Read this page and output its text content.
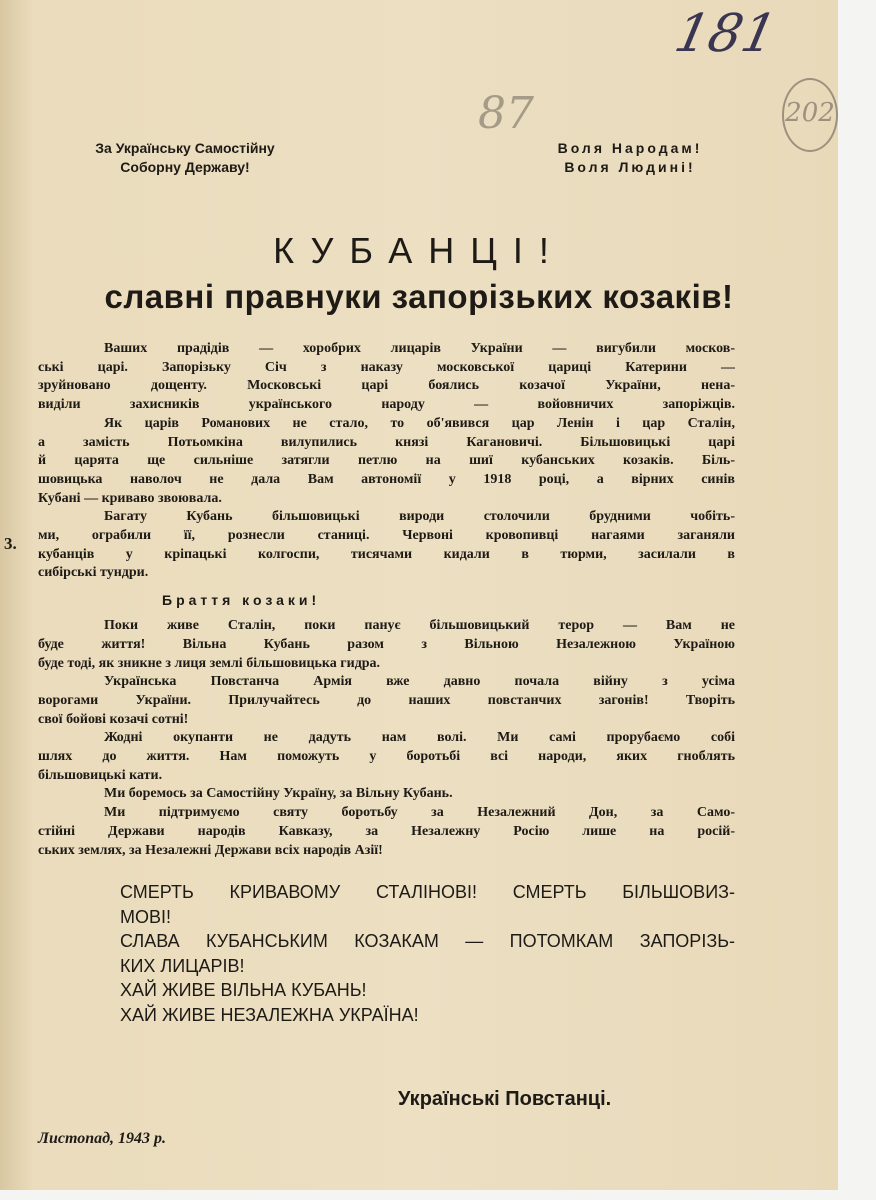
181
87	202
3.
За Українську Самостійну
Соборну Державу!
Воля Народам!
Воля Людині!
КУБАНЦІ!
славні правнуки запорізьких козаків!
Ваших прадідів — хоробрих лицарів України — вигубили москов-
ські царі. Запорізьку Січ з наказу московської цариці Катерини —
зруйновано дощенту. Московські царі боялись козачої України, нена-
виділи захисників українського народу — войовничих запоріжців.
Як царів Романових не стало, то об'явився цар Ленін і цар Сталін,
а замість Потьомкіна вилупились князі Кагановичі. Більшовицькі царі
й царята ще сильніше затягли петлю на шиї кубанських козаків. Біль-
шовицька наволоч не дала Вам автономії у 1918 році, а вірних синів
Кубані — криваво звоювала.
Багату Кубань більшовицькі вироди столочили брудними чобіть-
ми, ограбили її, рознесли станиці. Червоні кровопивці нагаями заганяли
кубанців у кріпацькі колгоспи, тисячами кидали в тюрми, засилали в
сибірські тундри.
Браття козаки!
Поки живе Сталін, поки панує більшовицький терор — Вам не
буде життя! Вільна Кубань разом з Вільною Незалежною Україною
буде тоді, як зникне з лиця землі більшовицька гидра.
Українська Повстанча Армія вже давно почала війну з усіма
ворогами України. Прилучайтесь до наших повстанчих загонів! Творіть
свої бойові козачі сотні!
Жодні окупанти не дадуть нам волі. Ми самі прорубаємо собі
шлях до життя. Нам поможуть у боротьбі всі народи, яких гноблять
більшовицькі кати.
Ми боремось за Самостійну Україну, за Вільну Кубань.
Ми підтримуємо святу боротьбу за Незалежний Дон, за Само-
стійні Держави народів Кавказу, за Незалежну Росію лише на росій-
ських землях, за Незалежні Держави всіх народів Азії!
СМЕРТЬ КРИВАВОМУ СТАЛІНОВІ! СМЕРТЬ БІЛЬШОВИЗ-
МОВІ!
СЛАВА КУБАНСЬКИМ КОЗАКАМ — ПОТОМКАМ ЗАПОРІЗЬ-
КИХ ЛИЦАРІВ!
ХАЙ ЖИВЕ ВІЛЬНА КУБАНЬ!
ХАЙ ЖИВЕ НЕЗАЛЕЖНА УКРАЇНА!
Українські Повстанці.
Листопад, 1943 р.
